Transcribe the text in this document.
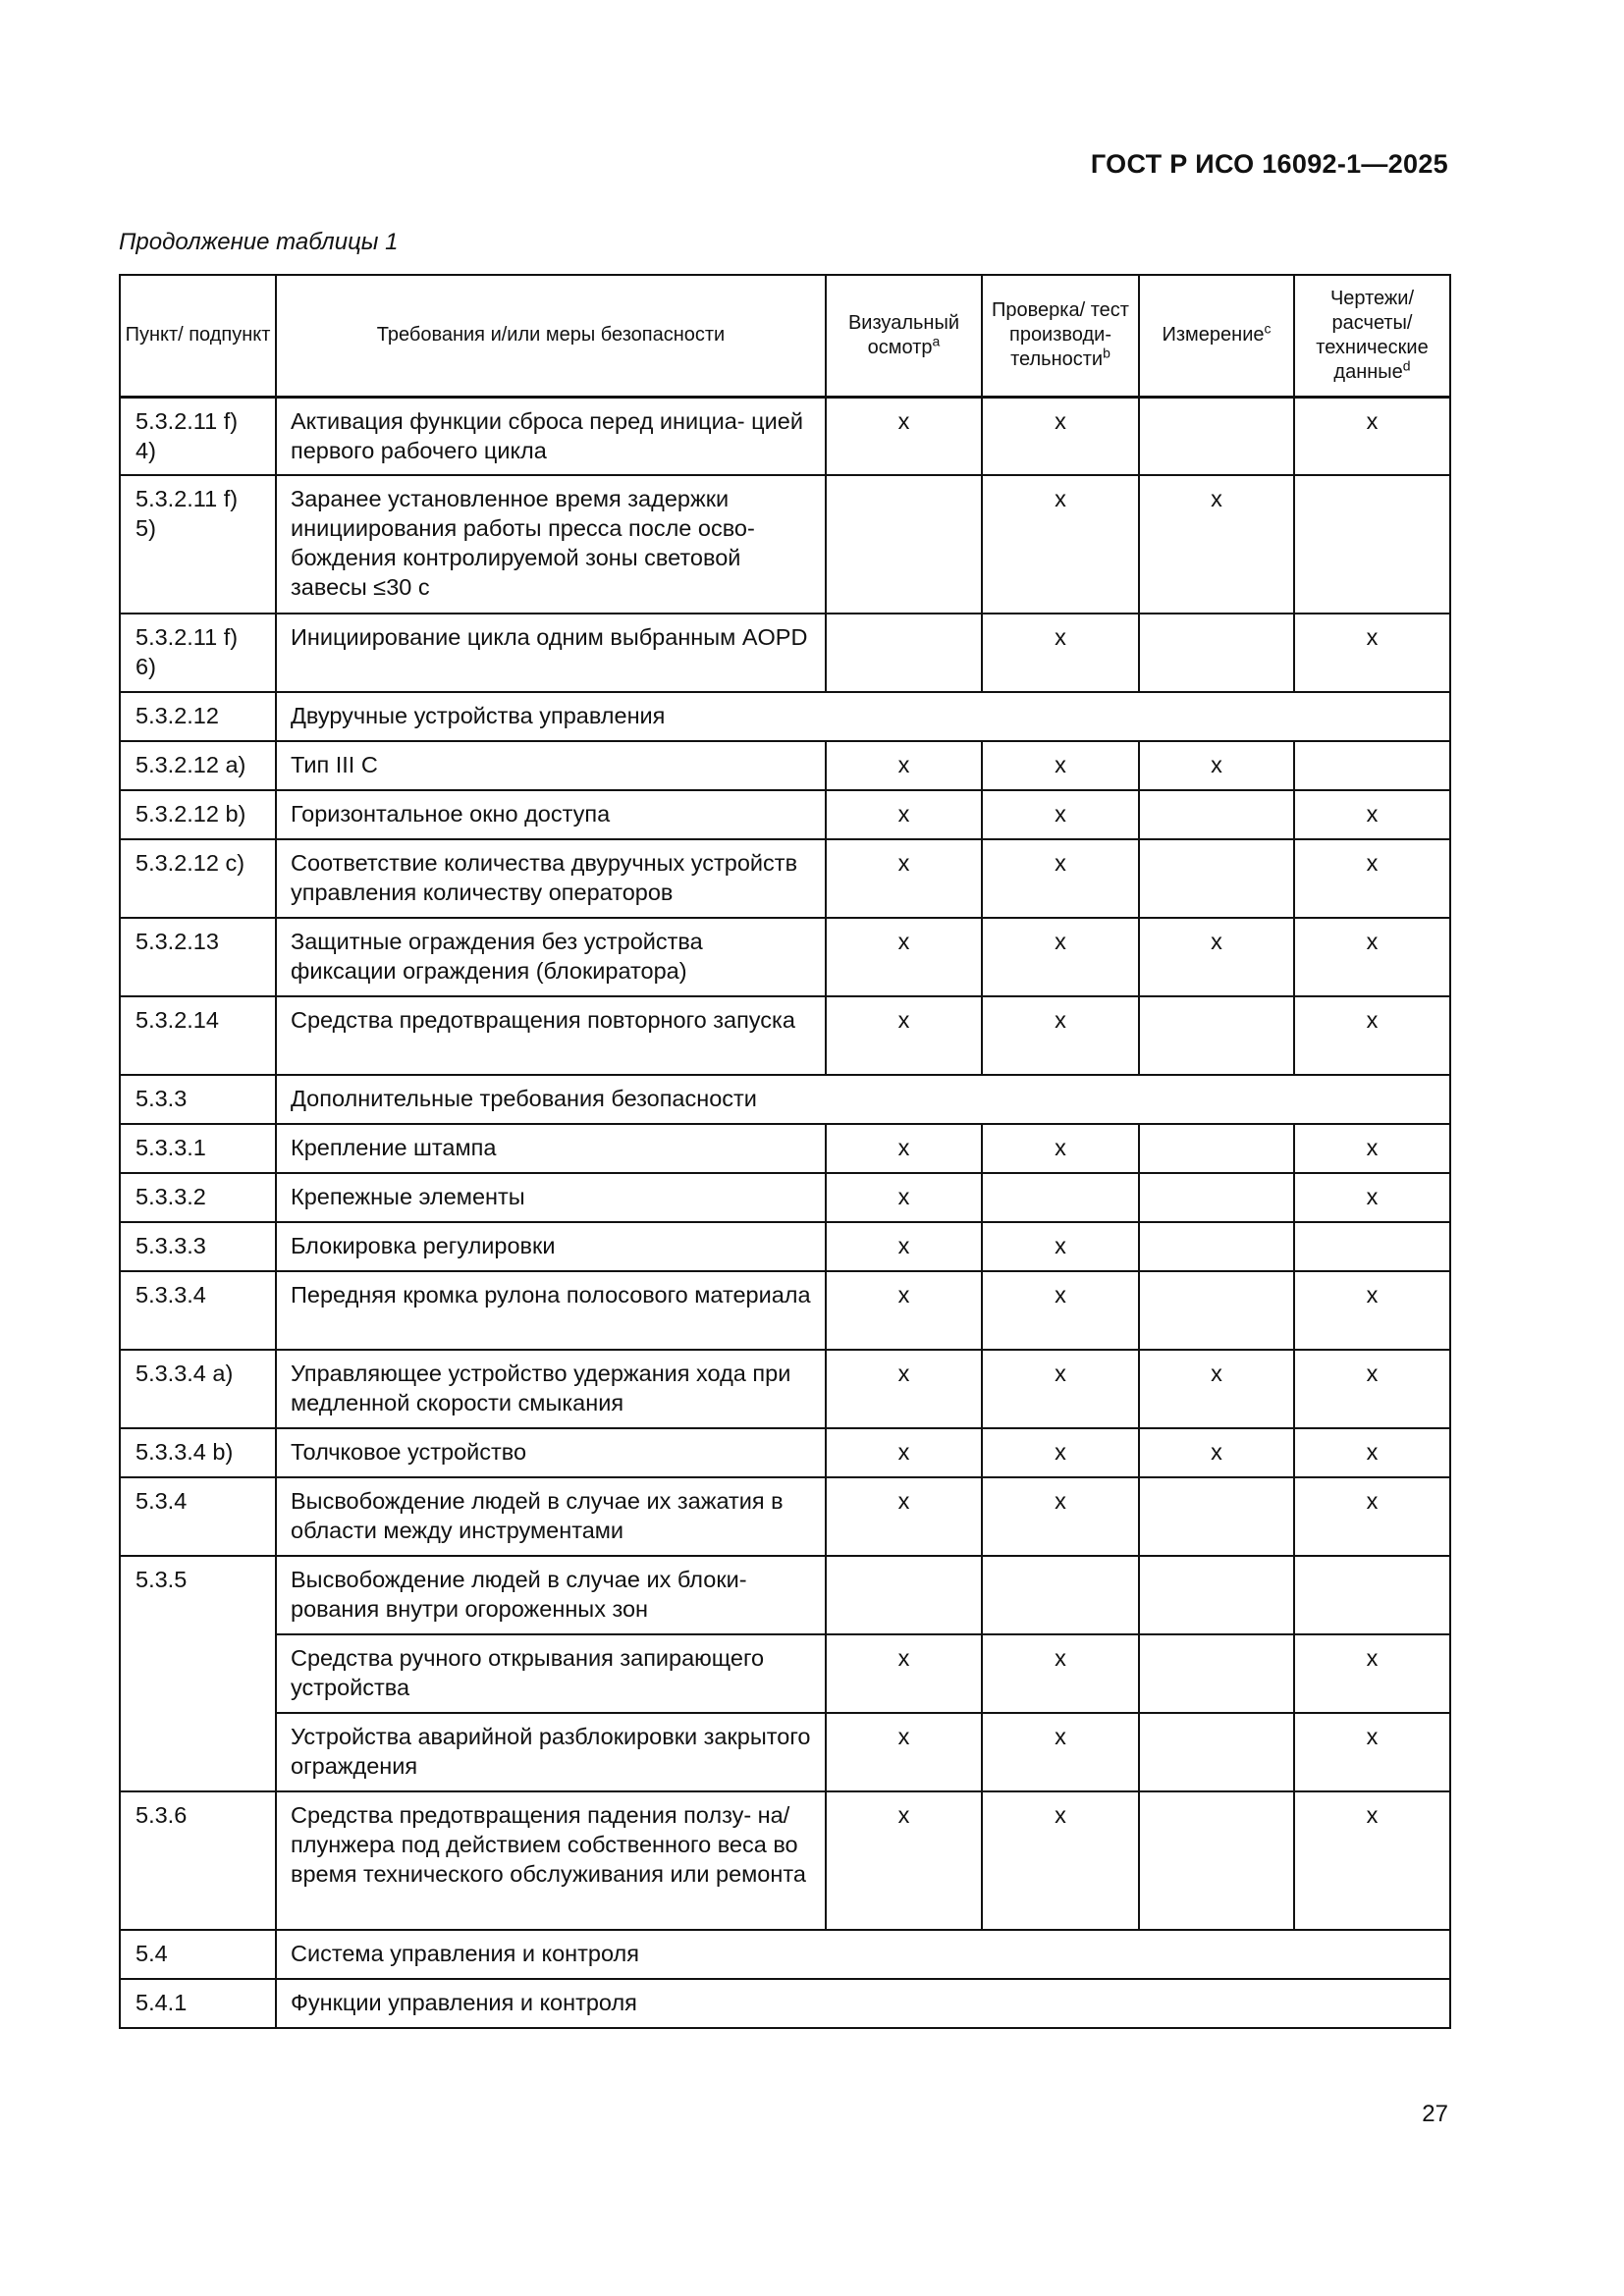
ГОСТ Р ИСО 16092-1—2025
Продолжение таблицы 1
Пункт/ подпункт	Требования и/или меры безопасности	Визуальный осмотр$^a$	Проверка/ тест производи- тельности$^b$	Измерение$^c$	Чертежи/ расчеты/ технические данные$^d$
5.3.2.11 f) 4)	Активация функции сброса перед инициа- цией первого рабочего цикла	x	x		x
5.3.2.11 f) 5)	Заранее установленное время задержки инициирования работы пресса после осво- бождения контролируемой зоны световой завесы ≤30 с		x	x	
5.3.2.11 f) 6)	Инициирование цикла одним выбранным AOPD		x		x
5.3.2.12	Двуручные устройства управления				
5.3.2.12 a)	Тип III C	x	x	x	
5.3.2.12 b)	Горизонтальное окно доступа	x	x		x
5.3.2.12 c)	Соответствие количества двуручных устройств управления количеству операторов	x	x		x
5.3.2.13	Защитные ограждения без устройства фиксации ограждения (блокиратора)	x	x	x	x
5.3.2.14	Средства предотвращения повторного запуска	x	x		x
5.3.3	Дополнительные требования безопасности				
5.3.3.1	Крепление штампа	x	x		x
5.3.3.2	Крепежные элементы	x			x
5.3.3.3	Блокировка регулировки	x	x		
5.3.3.4	Передняя кромка рулона полосового материала	x	x		x
5.3.3.4 a)	Управляющее устройство удержания хода при медленной скорости смыкания	x	x	x	x
5.3.3.4 b)	Толчковое устройство	x	x	x	x
5.3.4	Высвобождение людей в случае их зажатия в области между инструментами	x	x		x
5.3.5	Высвобождение людей в случае их блоки- рования внутри огороженных зон				
	Средства ручного открывания запирающего устройства	x	x		x
	Устройства аварийной разблокировки закрытого ограждения	x	x		x
5.3.6	Средства предотвращения падения ползу- на/плунжера под действием собственного веса во время технического обслуживания или ремонта	x	x		x
5.4	Система управления и контроля				
5.4.1	Функции управления и контроля				
27
